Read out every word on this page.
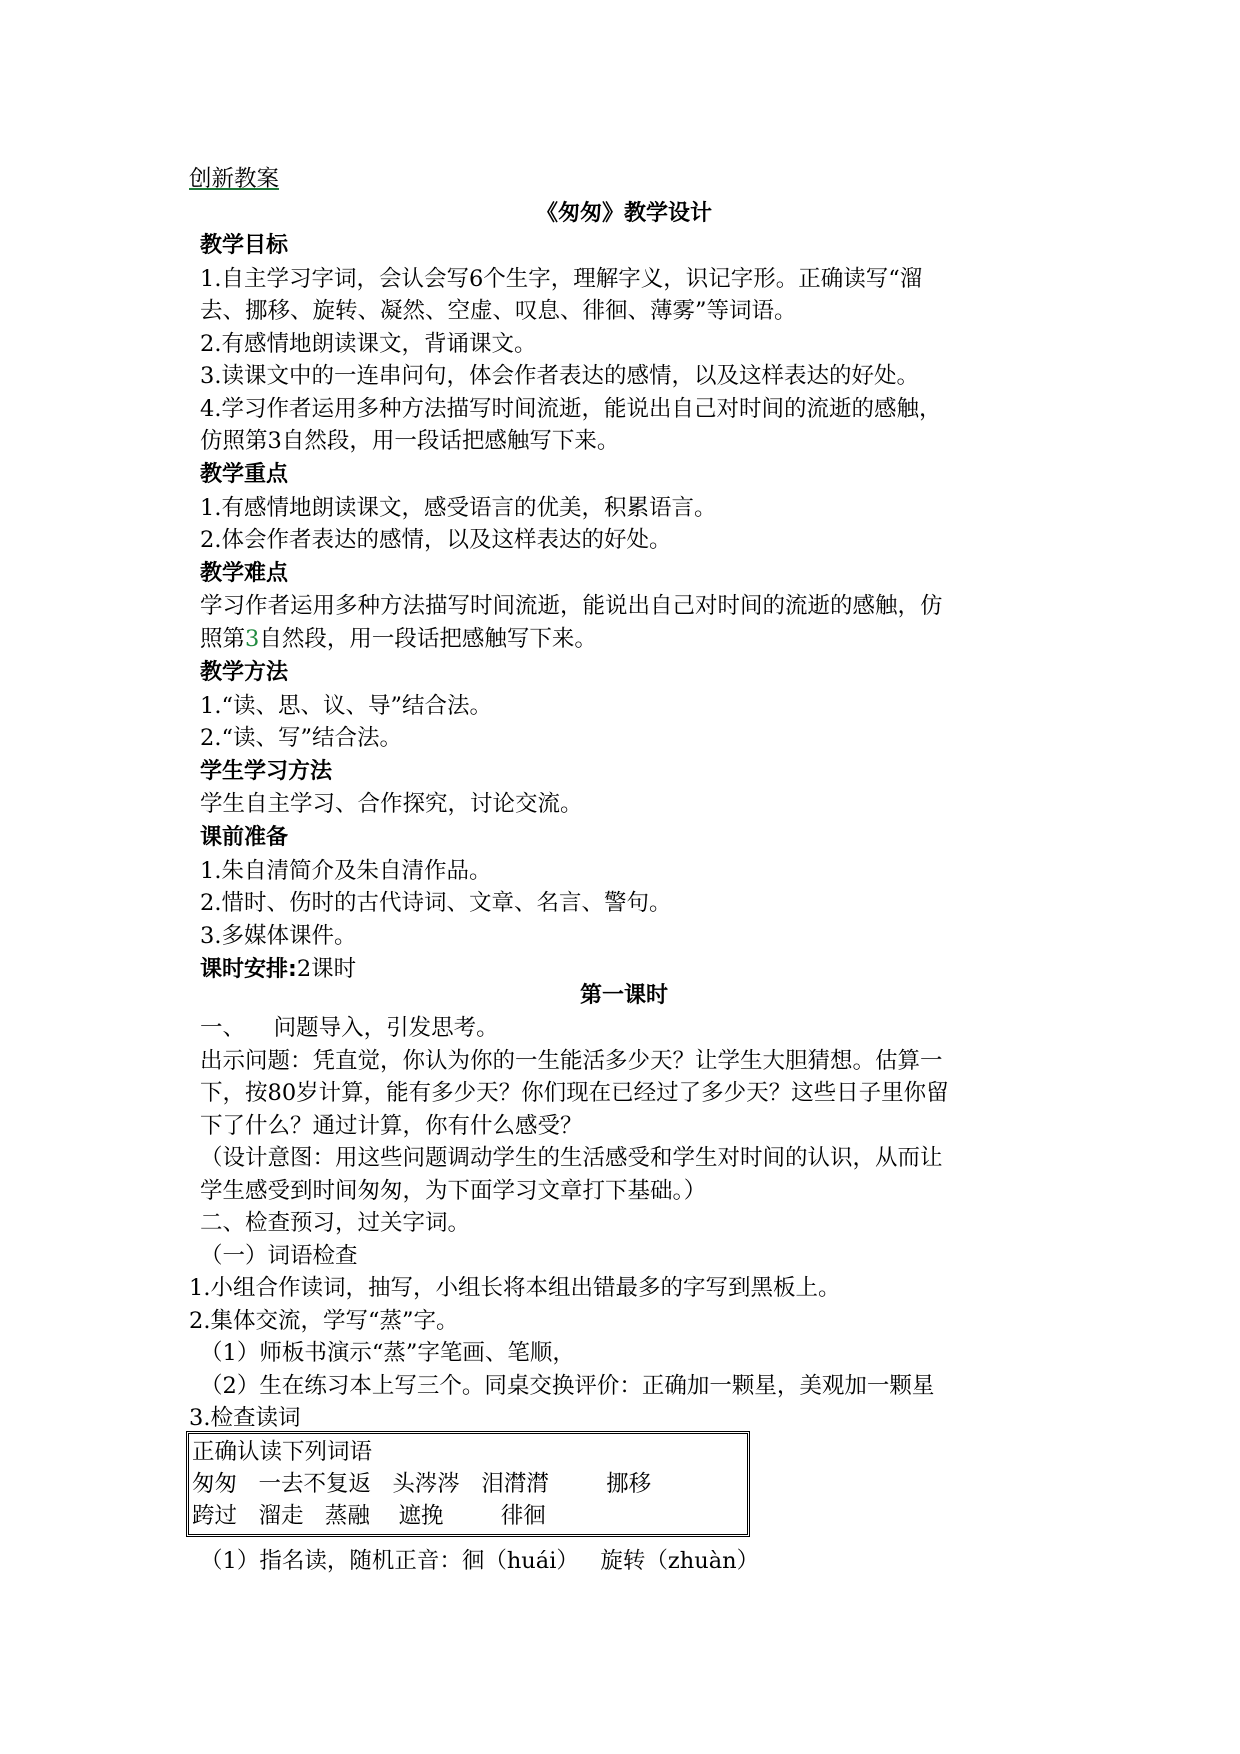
创新教案
《匆匆》教学设计
教学目标
1.自主学习字词，会认会写6个生字，理解字义，识记字形。正确读写“溜
去、挪移、旋转、凝然、空虚、叹息、徘徊、薄雾”等词语。
2.有感情地朗读课文，背诵课文。
3.读课文中的一连串问句，体会作者表达的感情，以及这样表达的好处。
4.学习作者运用多种方法描写时间流逝，能说出自己对时间的流逝的感触，
仿照第3自然段，用一段话把感触写下来。
教学重点
1.有感情地朗读课文，感受语言的优美，积累语言。
2.体会作者表达的感情，以及这样表达的好处。
教学难点
学习作者运用多种方法描写时间流逝，能说出自己对时间的流逝的感触，仿
照第3自然段，用一段话把感触写下来。
教学方法
1.“读、思、议、导”结合法。
2.“读、写”结合法。
学生学习方法
学生自主学习、合作探究，讨论交流。
课前准备
1.朱自清简介及朱自清作品。
2.惜时、伤时的古代诗词、文章、名言、警句。
3.多媒体课件。
课时安排:2课时
第一课时
一、    问题导入，引发思考。
出示问题：凭直觉，你认为你的一生能活多少天？让学生大胆猜想。估算一
下，按80岁计算，能有多少天？你们现在已经过了多少天？这些日子里你留
下了什么？通过计算，你有什么感受？
（设计意图：用这些问题调动学生的生活感受和学生对时间的认识，从而让
学生感受到时间匆匆，为下面学习文章打下基础。）
二、检查预习，过关字词。
（一）词语检查
1.小组合作读词，抽写，小组长将本组出错最多的字写到黑板上。
2.集体交流，学写“蒸”字。
（1）师板书演示“蒸”字笔画、笔顺，
（2）生在练习本上写三个。同桌交换评价：正确加一颗星，美观加一颗星
3.检查读词
正确认读下列词语
匆匆   一去不复返   头涔涔   泪潸潸        挪移
跨过   溜走   蒸融    遮挽        徘徊
（1）指名读，随机正音：徊（huái）   旋转（zhuàn）
